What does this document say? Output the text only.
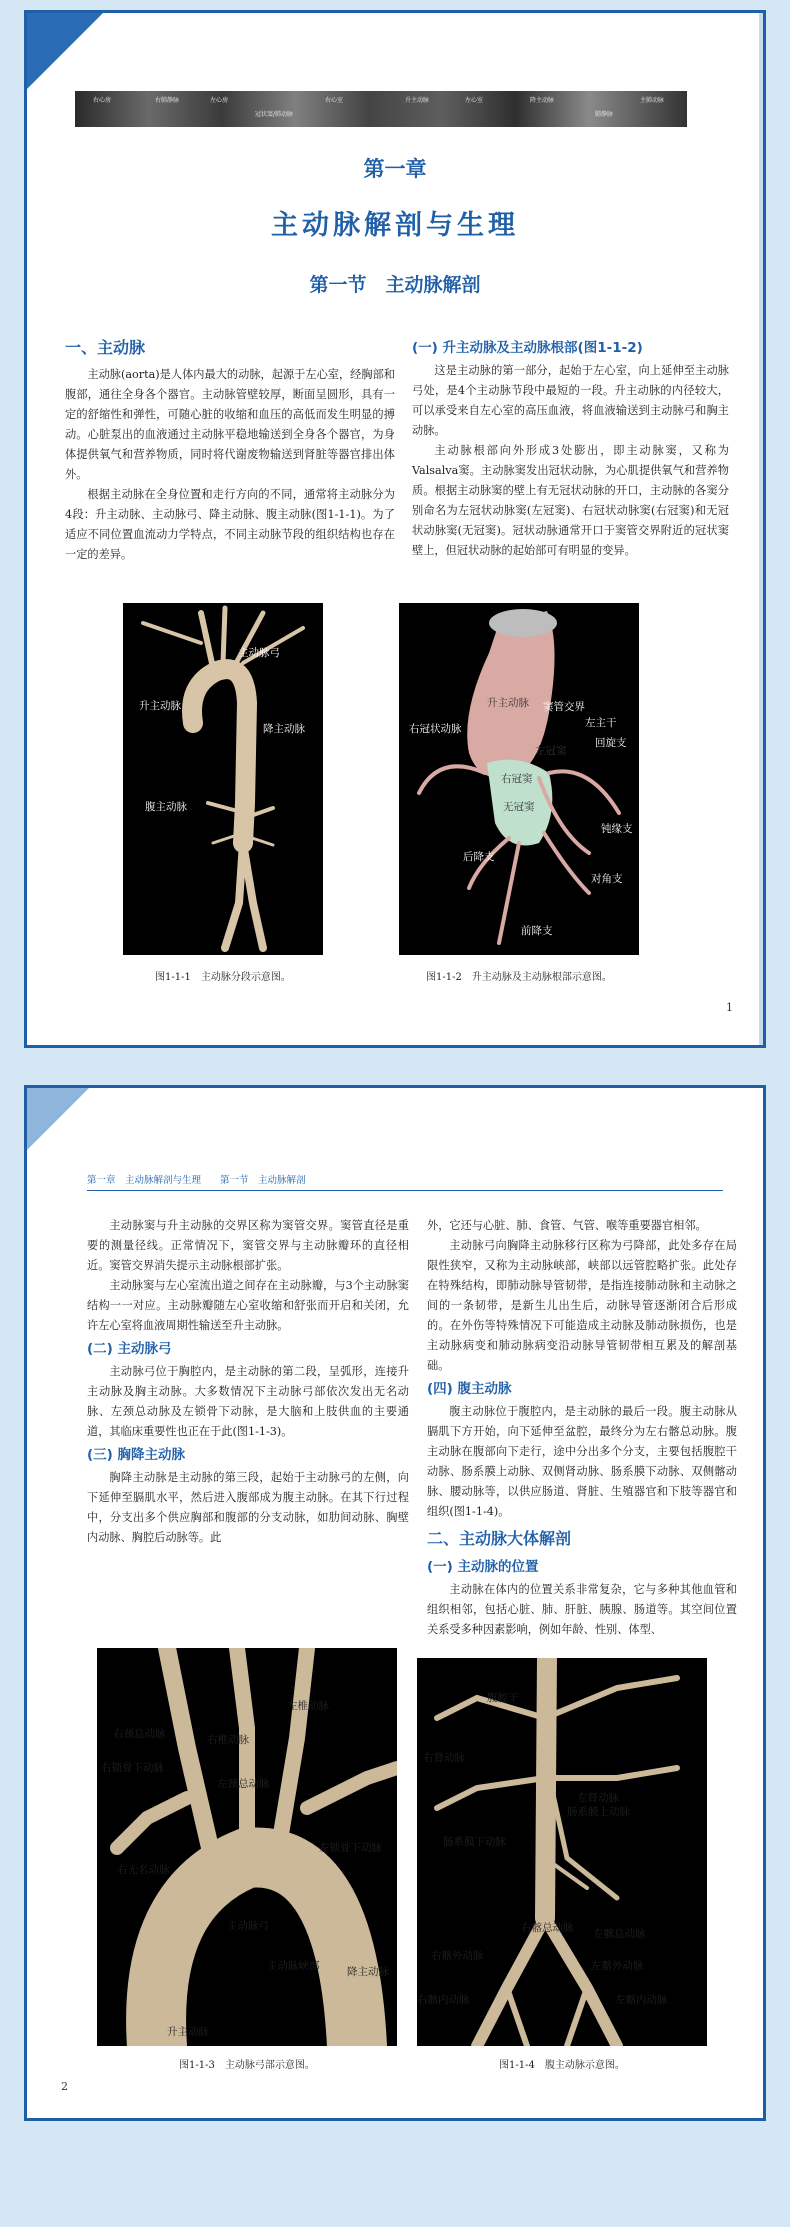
右心房	右肺静脉	左心房
冠状窦/肺动脉
右心室	升主动脉	左心室	降主动脉
肺静脉
主肺动脉
第一章
主动脉解剖与生理
第一节　主动脉解剖
一、主动脉

主动脉(aorta)是人体内最大的动脉，起源于左心室，经胸部和腹部，通往全身各个器官。主动脉管壁较厚，断面呈圆形，具有一定的舒缩性和弹性，可随心脏的收缩和血压的高低而发生明显的搏动。心脏泵出的血液通过主动脉平稳地输送到全身各个器官，为身体提供氧气和营养物质，同时将代谢废物输送到肾脏等器官排出体外。

根据主动脉在全身位置和走行方向的不同，通常将主动脉分为4段：升主动脉、主动脉弓、降主动脉、腹主动脉(图1-1-1)。为了适应不同位置血流动力学特点，不同主动脉节段的组织结构也存在一定的差异。

(一) 升主动脉及主动脉根部(图1-1-2)

这是主动脉的第一部分，起始于左心室，向上延伸至主动脉弓处，是4个主动脉节段中最短的一段。升主动脉的内径较大，可以承受来自左心室的高压血液，将血液输送到主动脉弓和胸主动脉。

主动脉根部向外形成3处膨出，即主动脉窦，又称为Valsalva窦。主动脉窦发出冠状动脉，为心肌提供氧气和营养物质。根据主动脉窦的壁上有无冠状动脉的开口，主动脉的各窦分别命名为左冠状动脉窦(左冠窦)、右冠状动脉窦(右冠窦)和无冠状动脉窦(无冠窦)。冠状动脉通常开口于窦管交界附近的冠状窦壁上，但冠状动脉的起始部可有明显的变异。

主动脉弓
升主动脉
降主动脉
腹主动脉
图1-1-1　主动脉分段示意图。
升主动脉 窦管交界
右冠状动脉	左主干
左冠窦
回旋支
右冠窦
无冠窦
钝缘支
后降支
对角支
前降支
图1-1-2　升主动脉及主动脉根部示意图。
1
第一章　主动脉解剖与生理　　第一节　主动脉解剖

主动脉窦与升主动脉的交界区称为窦管交界。窦管直径是重要的测量径线。正常情况下，窦管交界与主动脉瓣环的直径相近。窦管交界消失提示主动脉根部扩张。

主动脉窦与左心室流出道之间存在主动脉瓣，与3个主动脉窦结构一一对应。主动脉瓣随左心室收缩和舒张而开启和关闭，允许左心室将血液周期性输送至升主动脉。

(二) 主动脉弓

主动脉弓位于胸腔内，是主动脉的第二段，呈弧形，连接升主动脉及胸主动脉。大多数情况下主动脉弓部依次发出无名动脉、左颈总动脉及左锁骨下动脉，是大脑和上肢供血的主要通道，其临床重要性也正在于此(图1-1-3)。

(三) 胸降主动脉

胸降主动脉是主动脉的第三段，起始于主动脉弓的左侧，向下延伸至膈肌水平，然后进入腹部成为腹主动脉。在其下行过程中，分支出多个供应胸部和腹部的分支动脉，如肋间动脉、胸壁内动脉、胸腔后动脉等。此

外，它还与心脏、肺、食管、气管、喉等重要器官相邻。

主动脉弓向胸降主动脉移行区称为弓降部，此处多存在局限性狭窄，又称为主动脉峡部，峡部以远管腔略扩张。此处存在特殊结构，即肺动脉导管韧带，是指连接肺动脉和主动脉之间的一条韧带，是新生儿出生后，动脉导管逐渐闭合后形成的。在外伤等特殊情况下可能造成主动脉及肺动脉损伤，也是主动脉病变和肺动脉病变沿动脉导管韧带相互累及的解剖基础。

(四) 腹主动脉

腹主动脉位于腹腔内，是主动脉的最后一段。腹主动脉从膈肌下方开始，向下延伸至盆腔，最终分为左右髂总动脉。腹主动脉在腹部向下走行，途中分出多个分支，主要包括腹腔干动脉、肠系膜上动脉、双侧肾动脉、肠系膜下动脉、双侧髂动脉、腰动脉等，以供应肠道、肾脏、生殖器官和下肢等器官和组织(图1-1-4)。

二、主动脉大体解剖
(一) 主动脉的位置

主动脉在体内的位置关系非常复杂，它与多种其他血管和组织相邻，包括心脏、肺、肝脏、胰腺、肠道等。其空间位置关系受多种因素影响，例如年龄、性别、体型、

左椎动脉
右颈总动脉	右椎动脉
右锁骨下动脉
左颈总动脉
左锁骨下动脉
右无名动脉
主动脉弓
主动脉峡部	降主动脉
升主动脉
图1-1-3　主动脉弓部示意图。
腹腔干
右肾动脉
左肾动脉
肠系膜上动脉
肠系膜下动脉
右髂总动脉 左髂总动脉
右髂外动脉
左髂外动脉
右髂内动脉	左髂内动脉
图1-1-4　腹主动脉示意图。
2
